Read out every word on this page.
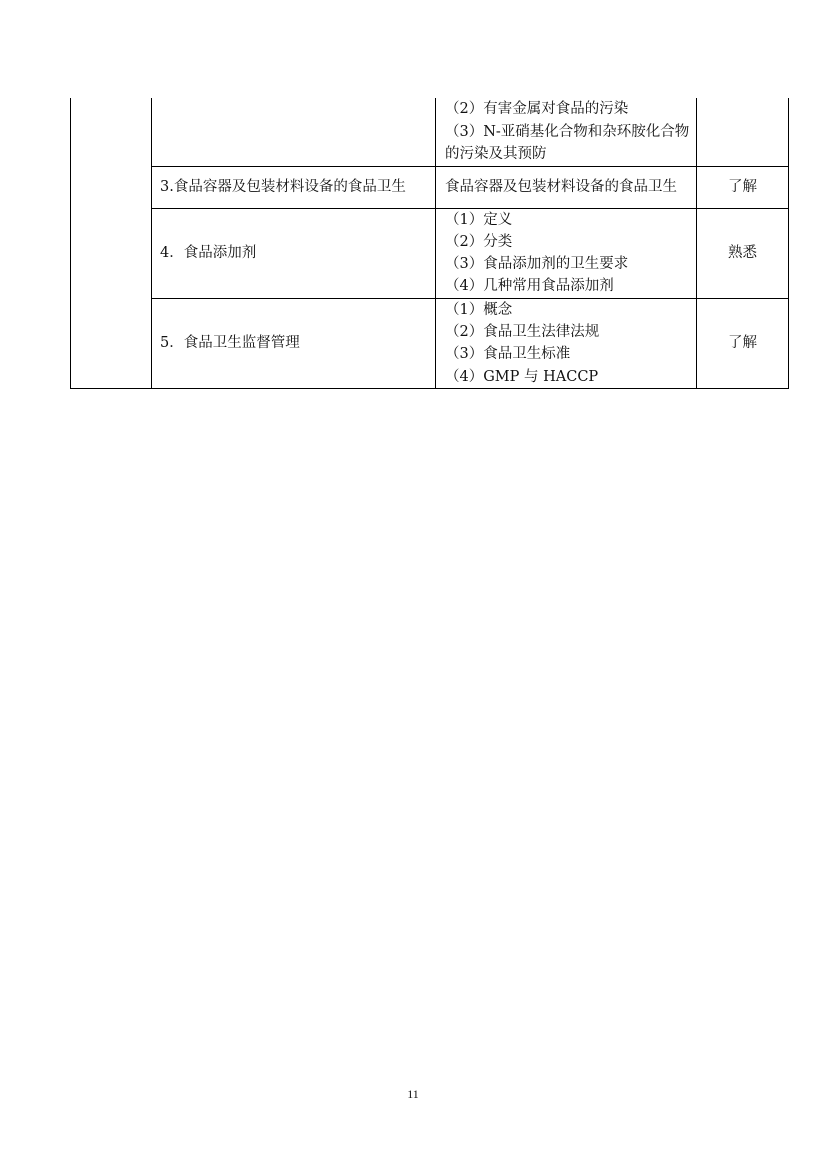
		（2）有害金属对食品的污染
（3）N-亚硝基化合物和杂环胺化合物的污染及其预防	

	3.食品容器及包装材料设备的食品卫生	食品容器及包装材料设备的食品卫生	了解
	4．食品添加剂	（1）定义
（2）分类
（3）食品添加剂的卫生要求
（4）几种常用食品添加剂	熟悉
	5．食品卫生监督管理	（1）概念
（2）食品卫生法律法规
（3）食品卫生标准
（4）GMP 与 HACCP	了解
11
